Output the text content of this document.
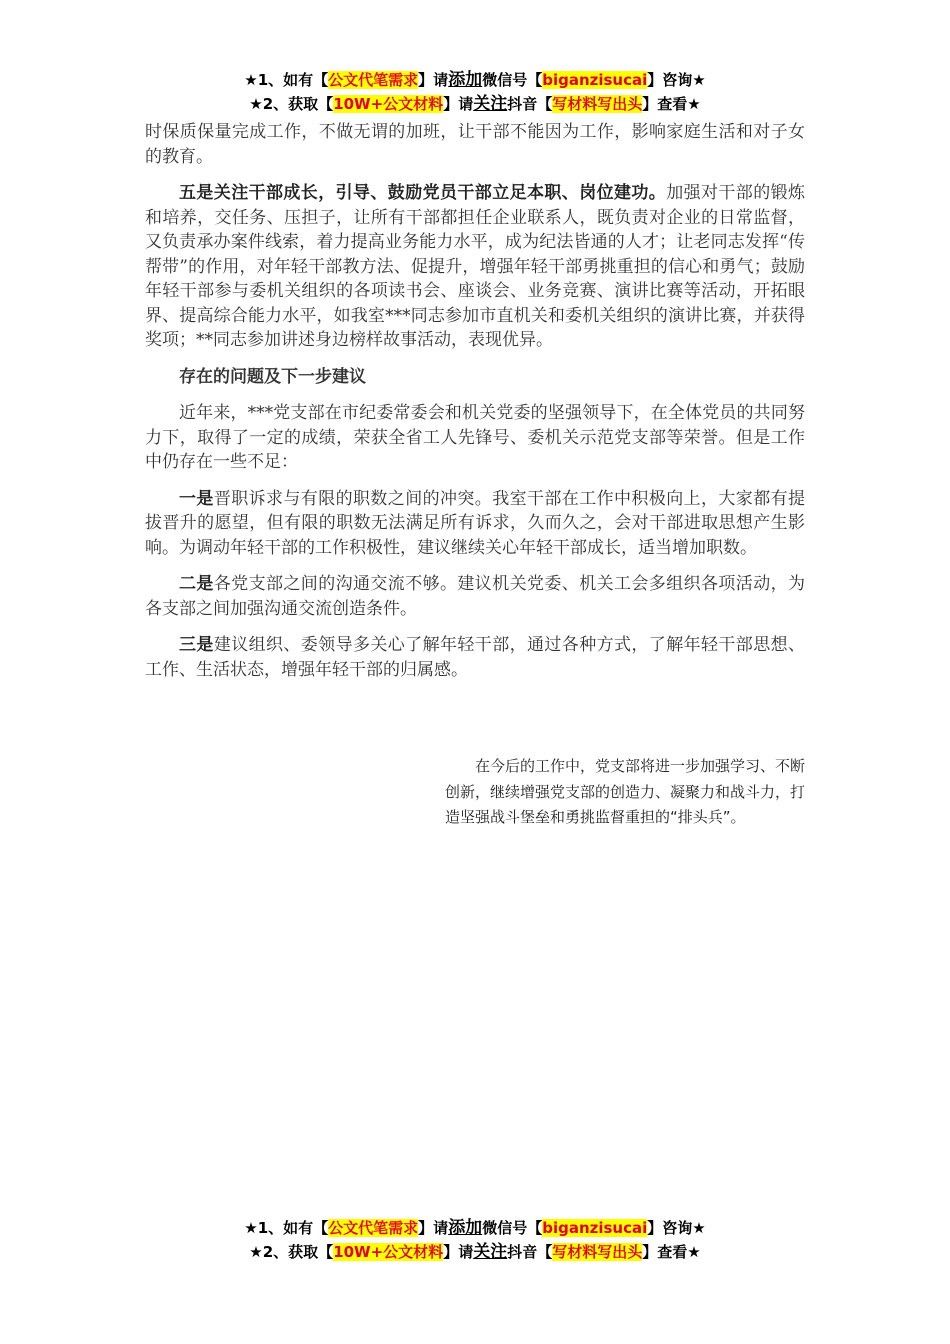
★1、如有【公文代笔需求】请添加微信号【biganzisucai】咨询★
★2、获取【10W+公文材料】请关注抖音【写材料写出头】查看★

时保质保量完成工作，不做无谓的加班，让干部不能因为工作，影响家庭生活和对子女的教育。

五是关注干部成长，引导、鼓励党员干部立足本职、岗位建功。加强对干部的锻炼和培养，交任务、压担子，让所有干部都担任企业联系人，既负责对企业的日常监督，又负责承办案件线索，着力提高业务能力水平，成为纪法皆通的人才；让老同志发挥“传帮带”的作用，对年轻干部教方法、促提升，增强年轻干部勇挑重担的信心和勇气；鼓励年轻干部参与委机关组织的各项读书会、座谈会、业务竞赛、演讲比赛等活动，开拓眼界、提高综合能力水平，如我室***同志参加市直机关和委机关组织的演讲比赛，并获得奖项；**同志参加讲述身边榜样故事活动，表现优异。

存在的问题及下一步建议

近年来，***党支部在市纪委常委会和机关党委的坚强领导下，在全体党员的共同努力下，取得了一定的成绩，荣获全省工人先锋号、委机关示范党支部等荣誉。但是工作中仍存在一些不足：

一是晋职诉求与有限的职数之间的冲突。我室干部在工作中积极向上，大家都有提拔晋升的愿望，但有限的职数无法满足所有诉求，久而久之，会对干部进取思想产生影响。为调动年轻干部的工作积极性，建议继续关心年轻干部成长，适当增加职数。

二是各党支部之间的沟通交流不够。建议机关党委、机关工会多组织各项活动，为各支部之间加强沟通交流创造条件。

三是建议组织、委领导多关心了解年轻干部，通过各种方式，了解年轻干部思想、工作、生活状态，增强年轻干部的归属感。

在今后的工作中，党支部将进一步加强学习、不断创新，继续增强党支部的创造力、凝聚力和战斗力，打造坚强战斗堡垒和勇挑监督重担的“排头兵”。

★1、如有【公文代笔需求】请添加微信号【biganzisucai】咨询★
★2、获取【10W+公文材料】请关注抖音【写材料写出头】查看★
